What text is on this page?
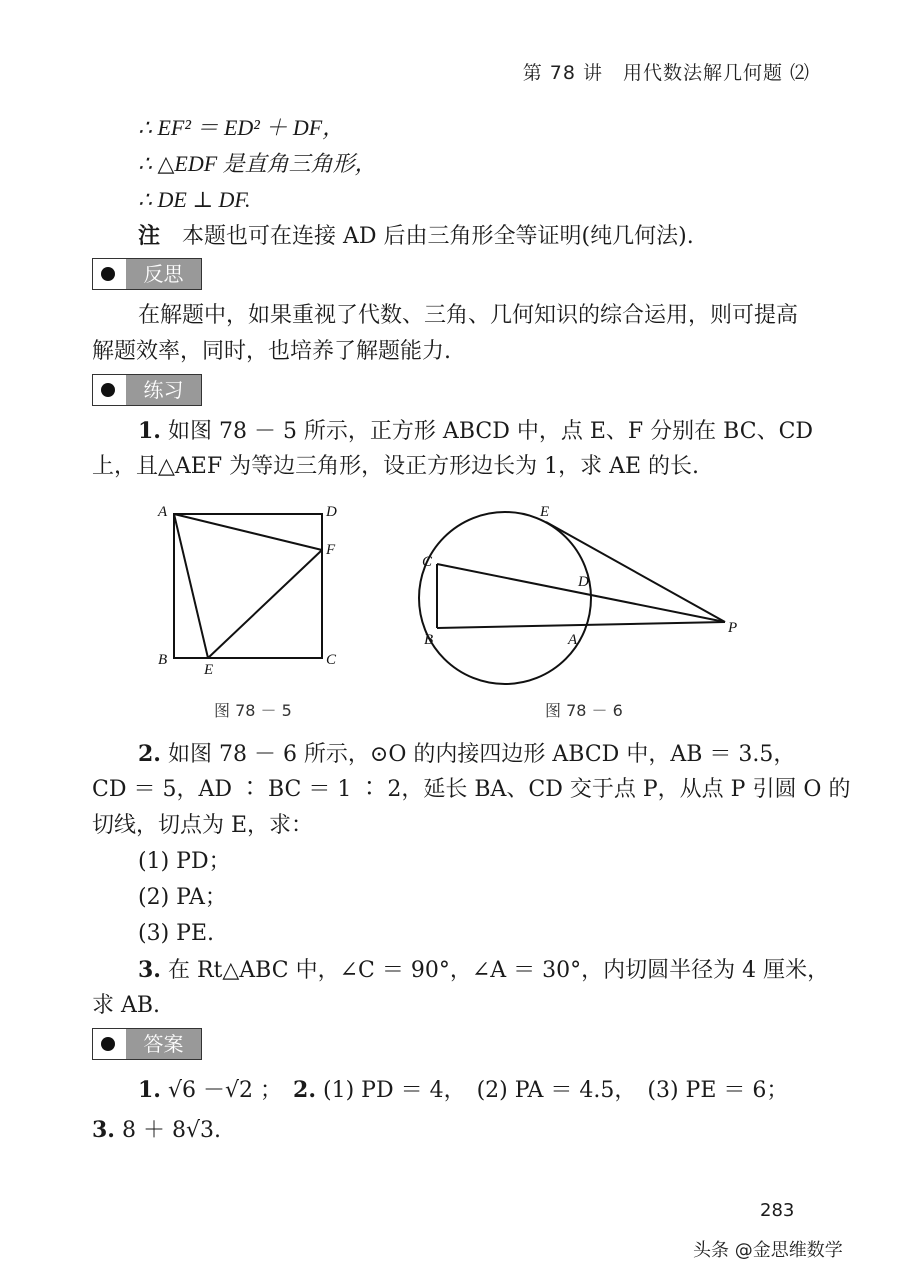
第 78 讲　用代数法解几何题 ⑵
∴ EF² ＝ ED² ＋ DF，
∴ △EDF 是直角三角形，
∴ DE ⊥ DF.
注　 本题也可在连接 AD 后由三角形全等证明(纯几何法).
反思
在解题中，如果重视了代数、三角、几何知识的综合运用，则可提高
解题效率，同时，也培养了解题能力.
练习
1. 如图 78 － 5 所示，正方形 ABCD 中，点 E、F 分别在 BC、CD
上，且△AEF 为等边三角形，设正方形边长为 1，求 AE 的长.
A	D
F
B	C
E
图 78 － 5
E
C
D
B	A
P
图 78 － 6
2. 如图 78 － 6 所示，⊙O 的内接四边形 ABCD 中，AB ＝ 3.5，
CD ＝ 5，AD ∶ BC ＝ 1 ∶ 2，延长 BA、CD 交于点 P，从点 P 引圆 O 的
切线，切点为 E，求：
(1) PD；
(2) PA；
(3) PE.
3. 在 Rt△ABC 中，∠C ＝ 90°，∠A ＝ 30°，内切圆半径为 4 厘米，
求 AB.
答案
1. √6 －√2 ；　 2. (1) PD ＝ 4，　(2) PA ＝ 4.5，　(3) PE ＝ 6；
3. 8 ＋ 8√3.
283
头条 @金思维数学
